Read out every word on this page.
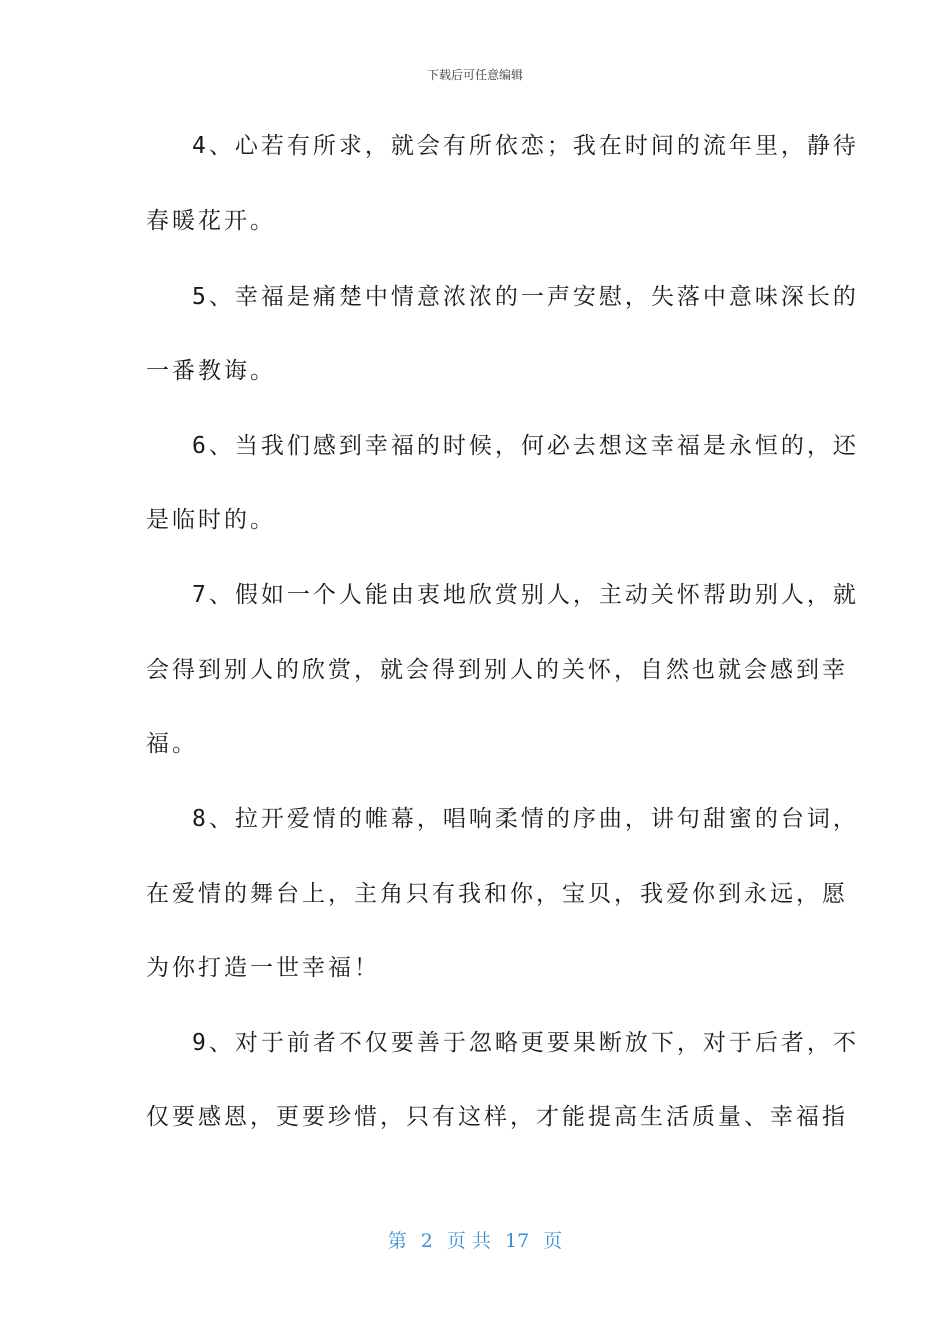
下载后可任意编辑
4、心若有所求，就会有所依恋；我在时间的流年里，静待
春暖花开。
5、幸福是痛楚中情意浓浓的一声安慰，失落中意味深长的
一番教诲。
6、当我们感到幸福的时候，何必去想这幸福是永恒的，还
是临时的。
7、假如一个人能由衷地欣赏别人，主动关怀帮助别人，就
会得到别人的欣赏，就会得到别人的关怀，自然也就会感到幸
福。
8、拉开爱情的帷幕，唱响柔情的序曲，讲句甜蜜的台词，
在爱情的舞台上，主角只有我和你，宝贝，我爱你到永远，愿
为你打造一世幸福！
9、对于前者不仅要善于忽略更要果断放下，对于后者，不
仅要感恩，更要珍惜，只有这样，才能提高生活质量、幸福指
第 2 页 共 17 页
